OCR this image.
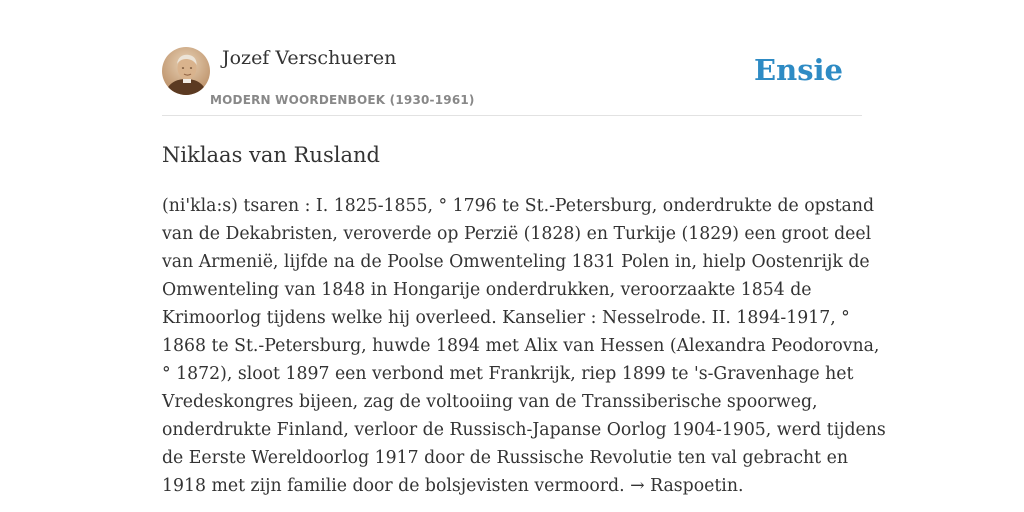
Jozef Verschueren
MODERN WOORDENBOEK (1930-1961)
Ensie
Niklaas van Rusland
(ni'kla:s) tsaren : I. 1825-1855, ° 1796 te St.-Petersburg, onderdrukte de opstand
van de Dekabristen, veroverde op Perzië (1828) en Turkije (1829) een groot deel
van Armenië, lijfde na de Poolse Omwenteling 1831 Polen in, hielp Oostenrijk de
Omwenteling van 1848 in Hongarije onderdrukken, veroorzaakte 1854 de
Krimoorlog tijdens welke hij overleed. Kanselier : Nesselrode. II. 1894-1917, °
1868 te St.-Petersburg, huwde 1894 met Alix van Hessen (Alexandra Peodorovna,
° 1872), sloot 1897 een verbond met Frankrijk, riep 1899 te 's-Gravenhage het
Vredeskongres bijeen, zag de voltooiing van de Transsiberische spoorweg,
onderdrukte Finland, verloor de Russisch-Japanse Oorlog 1904-1905, werd tijdens
de Eerste Wereldoorlog 1917 door de Russische Revolutie ten val gebracht en
1918 met zijn familie door de bolsjevisten vermoord. → Raspoetin.
